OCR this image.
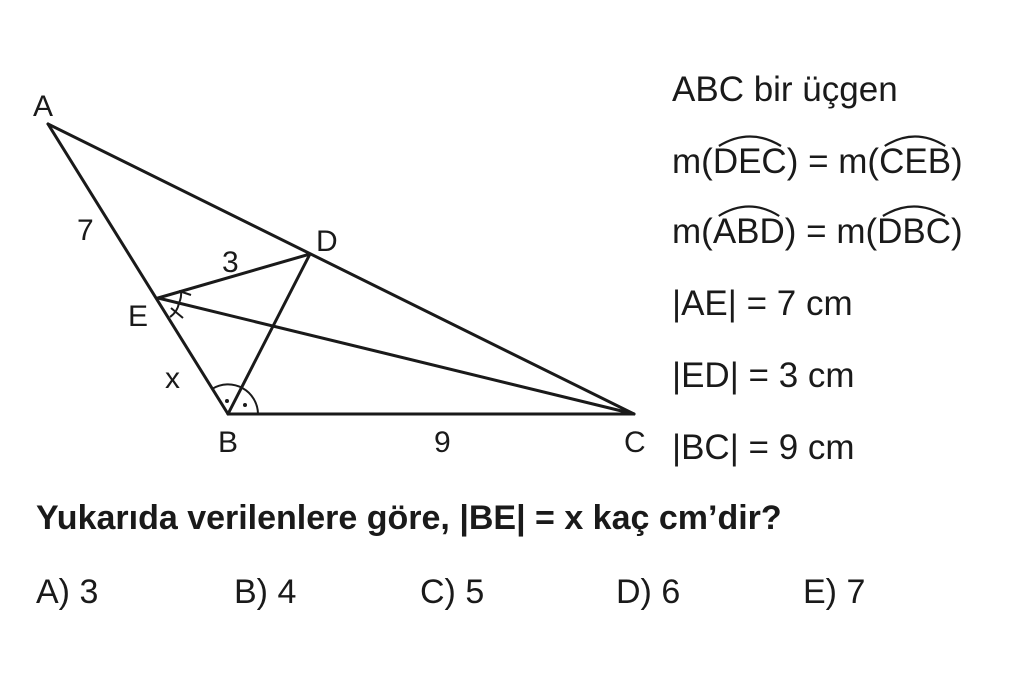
A
B	C
D
E
7
3
x
9
ABC bir üçgen
m(
DEC) = m(
CEB)
m(
ABD) = m(
DBC)
|AE| = 7 cm
|ED| = 3 cm
|BC| = 9 cm
Yukarıda verilenlere göre, |BE| = x kaç cm’dir?
A) 3	B) 4	C) 5	D) 6	E) 7
